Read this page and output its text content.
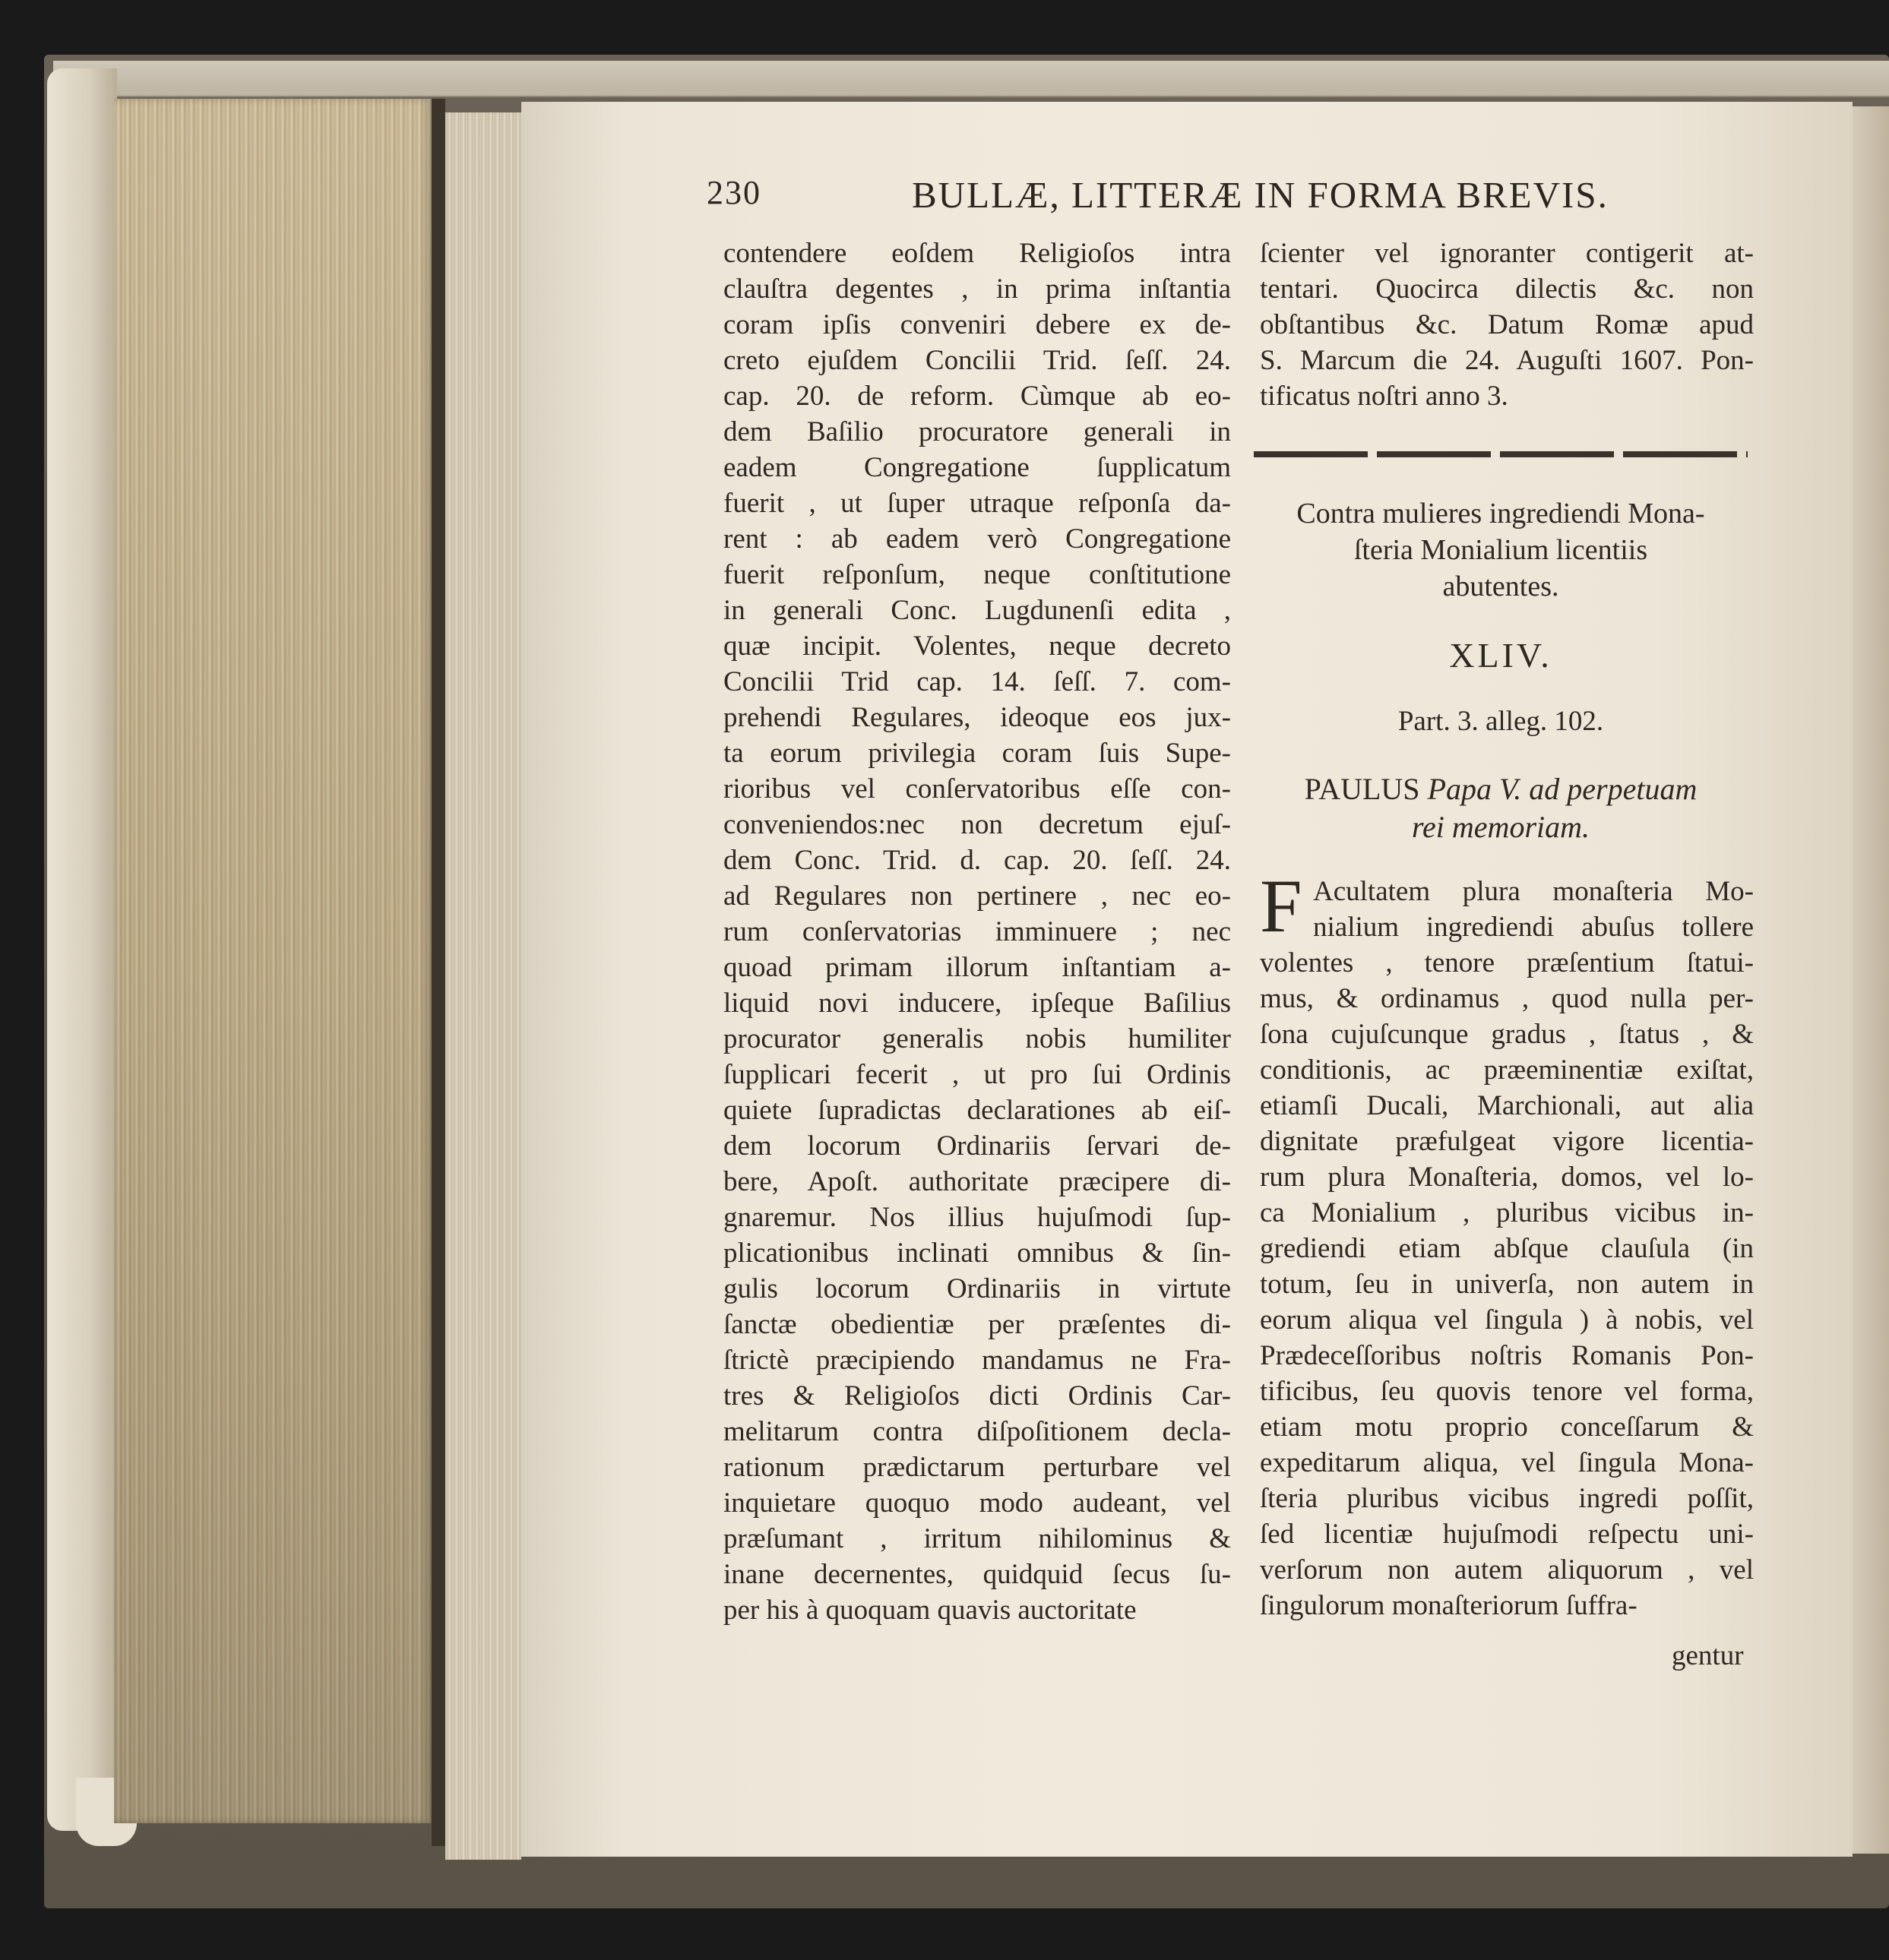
230	BULLÆ, LITTERÆ IN FORMA BREVIS.
contendere eoſdem Religioſos intra
clauſtra degentes , in prima inſtantia
coram ipſis conveniri debere ex de-
creto ejuſdem Concilii Trid. ſeſſ. 24.
cap. 20. de reform. Cùmque ab eo-
dem Baſilio procuratore generali in
eadem Congregatione ſupplicatum
fuerit , ut ſuper utraque reſponſa da-
rent : ab eadem verò Congregatione
fuerit reſponſum, neque conſtitutione
in generali Conc. Lugdunenſi edita ,
quæ incipit. Volentes, neque decreto
Concilii Trid cap. 14. ſeſſ. 7. com-
prehendi Regulares, ideoque eos jux-
ta eorum privilegia coram ſuis Supe-
rioribus vel conſervatoribus eſſe con-
conveniendos:nec non decretum ejuſ-
dem Conc. Trid. d. cap. 20. ſeſſ. 24.
ad Regulares non pertinere , nec eo-
rum conſervatorias imminuere ; nec
quoad primam illorum inſtantiam a-
liquid novi inducere, ipſeque Baſilius
procurator generalis nobis humiliter
ſupplicari fecerit , ut pro ſui Ordinis
quiete ſupradictas declarationes ab eiſ-
dem locorum Ordinariis ſervari de-
bere, Apoſt. authoritate præcipere di-
gnaremur. Nos illius hujuſmodi ſup-
plicationibus inclinati omnibus & ſin-
gulis locorum Ordinariis in virtute
ſanctæ obedientiæ per præſentes di-
ſtrictè præcipiendo mandamus ne Fra-
tres & Religioſos dicti Ordinis Car-
melitarum contra diſpoſitionem decla-
rationum prædictarum perturbare vel
inquietare quoquo modo audeant, vel
præſumant , irritum nihilominus &
inane decernentes, quidquid ſecus ſu-
per his à quoquam quavis auctoritate
ſcienter vel ignoranter contigerit at-
tentari. Quocirca dilectis &c. non
obſtantibus &c. Datum Romæ apud
S. Marcum die 24. Auguſti 1607. Pon-
tificatus noſtri anno 3.
Contra mulieres ingrediendi Mona-
ſteria Monialium licentiis
abutentes.
XLIV.
Part. 3. alleg. 102.
PAULUS Papa V. ad perpetuam
rei memoriam.
F Acultatem plura monaſteria Mo-
nialium ingrediendi abuſus tollere
volentes , tenore præſentium ſtatui-
mus, & ordinamus , quod nulla per-
ſona cujuſcunque gradus , ſtatus , &
conditionis, ac præeminentiæ exiſtat,
etiamſi Ducali, Marchionali, aut alia
dignitate præfulgeat vigore licentia-
rum plura Monaſteria, domos, vel lo-
ca Monialium , pluribus vicibus in-
grediendi etiam abſque clauſula (in
totum, ſeu in univerſa, non autem in
eorum aliqua vel ſingula ) à nobis, vel
Prædeceſſoribus noſtris Romanis Pon-
tificibus, ſeu quovis tenore vel forma,
etiam motu proprio conceſſarum &
expeditarum aliqua, vel ſingula Mona-
ſteria pluribus vicibus ingredi poſſit,
ſed licentiæ hujuſmodi reſpectu uni-
verſorum non autem aliquorum , vel
ſingulorum monaſteriorum ſuffra-
gentur
